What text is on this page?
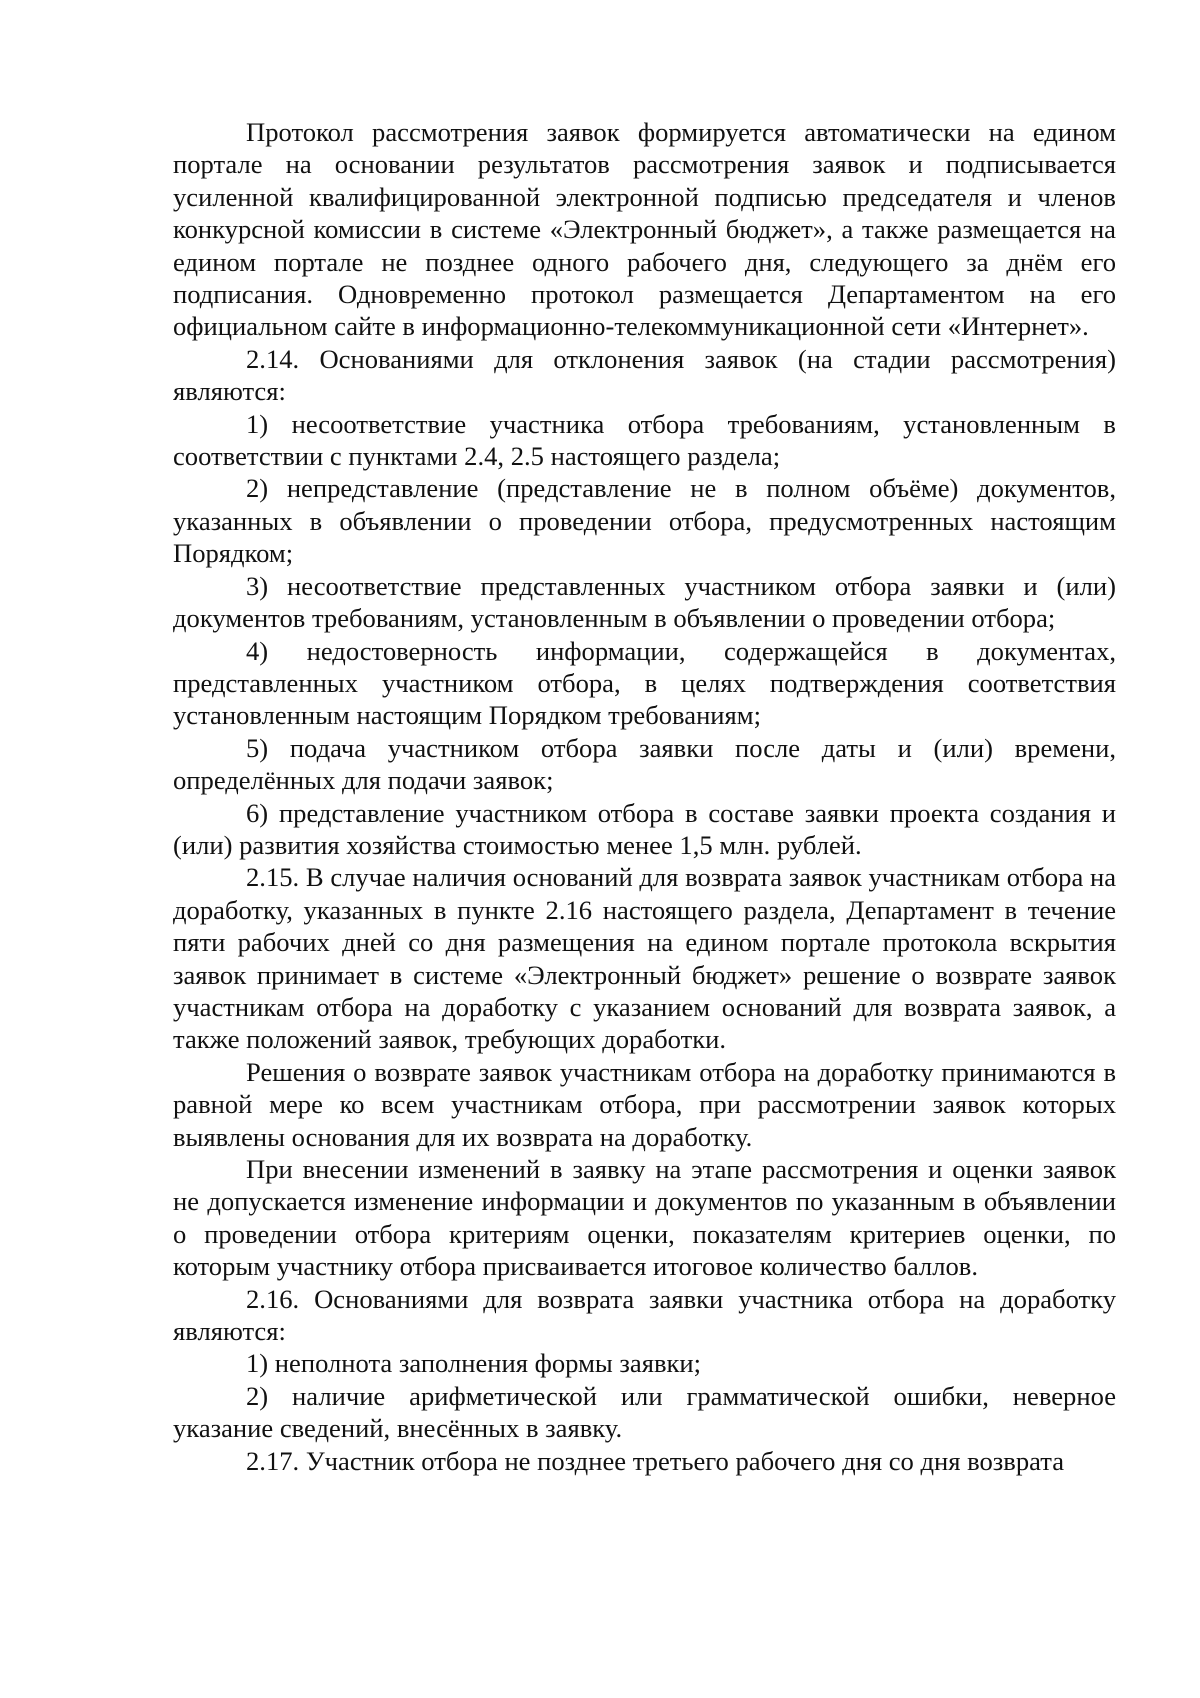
Протокол рассмотрения заявок формируется автоматически на едином портале на основании результатов рассмотрения заявок и подписывается усиленной квалифицированной электронной подписью председателя и членов конкурсной комиссии в системе «Электронный бюджет», а также размещается на едином портале не позднее одного рабочего дня, следующего за днём его подписания. Одновременно протокол размещается Департаментом на его официальном сайте в информационно-телекоммуникационной сети «Интернет».

2.14. Основаниями для отклонения заявок (на стадии рассмотрения) являются:

1) несоответствие участника отбора требованиям, установленным в соответствии с пунктами 2.4, 2.5 настоящего раздела;

2) непредставление (представление не в полном объёме) документов, указанных в объявлении о проведении отбора, предусмотренных настоящим Порядком;

3) несоответствие представленных участником отбора заявки и (или) документов требованиям, установленным в объявлении о проведении отбора;

4) недостоверность информации, содержащейся в документах, представленных участником отбора, в целях подтверждения соответствия установленным настоящим Порядком требованиям;

5) подача участником отбора заявки после даты и (или) времени, определённых для подачи заявок;

6) представление участником отбора в составе заявки проекта создания и (или) развития хозяйства стоимостью менее 1,5 млн. рублей.

2.15. В случае наличия оснований для возврата заявок участникам отбора на доработку, указанных в пункте 2.16 настоящего раздела, Департамент в течение пяти рабочих дней со дня размещения на едином портале протокола вскрытия заявок принимает в системе «Электронный бюджет» решение о возврате заявок участникам отбора на доработку с указанием оснований для возврата заявок, а также положений заявок, требующих доработки.

Решения о возврате заявок участникам отбора на доработку принимаются в равной мере ко всем участникам отбора, при рассмотрении заявок которых выявлены основания для их возврата на доработку.

При внесении изменений в заявку на этапе рассмотрения и оценки заявок не допускается изменение информации и документов по указанным в объявлении о проведении отбора критериям оценки, показателям критериев оценки, по которым участнику отбора присваивается итоговое количество баллов.

2.16. Основаниями для возврата заявки участника отбора на доработку являются:

1) неполнота заполнения формы заявки;

2) наличие арифметической или грамматической ошибки, неверное указание сведений, внесённых в заявку.

2.17. Участник отбора не позднее третьего рабочего дня со дня возврата
